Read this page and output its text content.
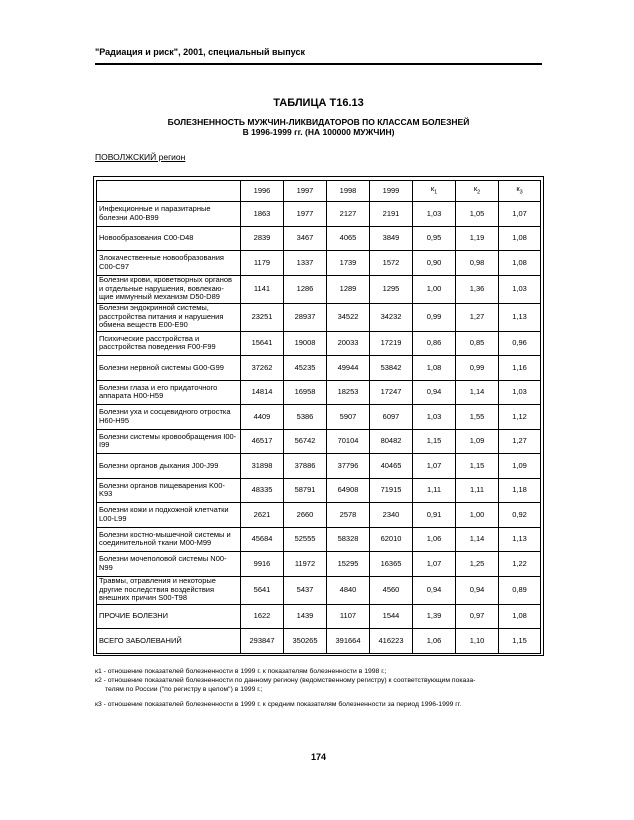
"Радиация и риск", 2001, специальный выпуск
ТАБЛИЦА Т16.13
БОЛЕЗНЕННОСТЬ МУЖЧИН-ЛИКВИДАТОРОВ ПО КЛАССАМ БОЛЕЗНЕЙ
В 1996-1999 гг. (НА 100000 МУЖЧИН)
ПОВОЛЖСКИЙ регион
	1996	1997	1998	1999	$к_1$	$к_2$	$к_3$
Инфекционные и паразитарные болезни A00-B99	1863	1977	2127	2191	1,03	1,05	1,07
Новообразования C00-D48	2839	3467	4065	3849	0,95	1,19	1,08
Злокачественные новообразования C00-C97	1179	1337	1739	1572	0,90	0,98	1,08
Болезни крови, кроветворных органов и отдельные нарушения, вовлекаю-щие иммунный механизм D50-D89	1141	1286	1289	1295	1,00	1,36	1,03
Болезни эндокринной системы, расстройства питания и нарушения обмена веществ E00-E90	23251	28937	34522	34232	0,99	1,27	1,13
Психические расстройства и расстройства поведения F00-F99	15641	19008	20033	17219	0,86	0,85	0,96
Болезни нервной системы G00-G99	37262	45235	49944	53842	1,08	0,99	1,16
Болезни глаза и его придаточного аппарата H00-H59	14814	16958	18253	17247	0,94	1,14	1,03
Болезни уха и сосцевидного отростка H60-H95	4409	5386	5907	6097	1,03	1,55	1,12
Болезни системы кровообращения I00-I99	46517	56742	70104	80482	1,15	1,09	1,27
Болезни органов дыхания J00-J99	31898	37886	37796	40465	1,07	1,15	1,09
Болезни органов пищеварения K00-K93	48335	58791	64908	71915	1,11	1,11	1,18
Болезни кожи и подкожной клетчатки L00-L99	2621	2660	2578	2340	0,91	1,00	0,92
Болезни костно-мышечной системы и соединительной ткани M00-M99	45684	52555	58328	62010	1,06	1,14	1,13
Болезни мочеполовой системы N00-N99	9916	11972	15295	16365	1,07	1,25	1,22
Травмы, отравления и некоторые другие последствия воздействия внешних причин S00-T98	5641	5437	4840	4560	0,94	0,94	0,89
ПРОЧИЕ БОЛЕЗНИ	1622	1439	1107	1544	1,39	0,97	1,08
ВСЕГО ЗАБОЛЕВАНИЙ	293847	350265	391664	416223	1,06	1,10	1,15

к1 - отношение показателей болезненности в 1999 г. к показателям болезненности в 1998 г.;

к2 - отношение показателей болезненности по данному региону (ведомственному регистру) к соответствующим показа-

телям по России ("по регистру в целом") в 1999 г.;

к3 - отношение показателей болезненности в 1999 г. к средним показателям болезненности за период 1996-1999 гг.

174
